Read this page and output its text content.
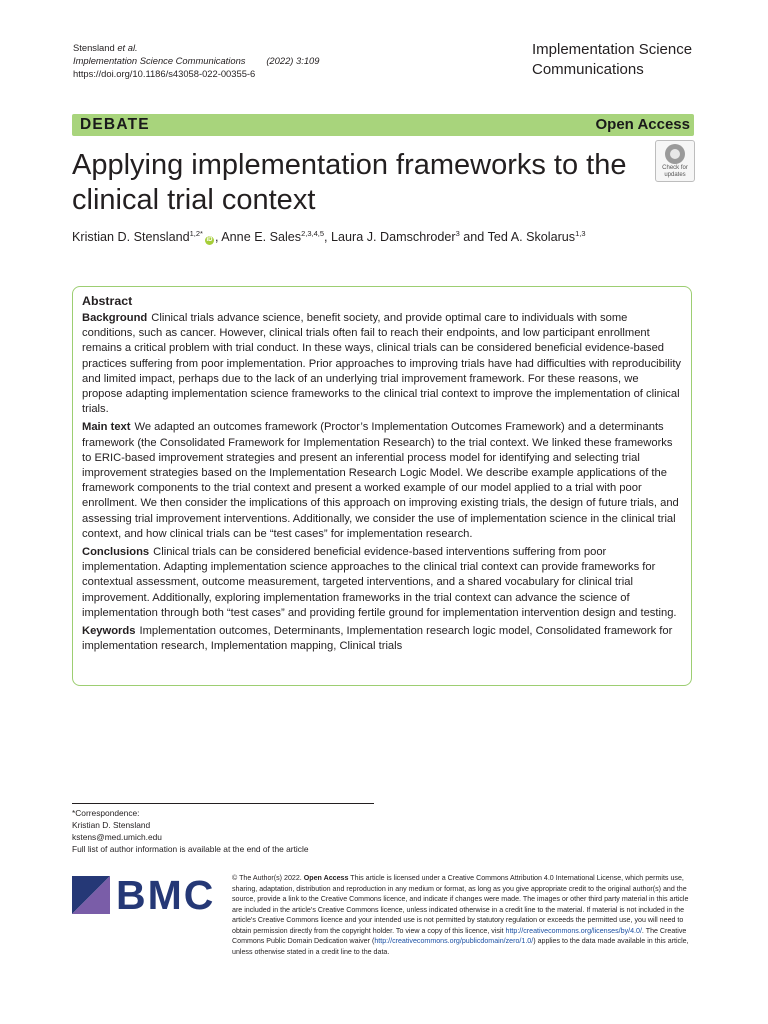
Stensland et al.
Implementation Science Communications        (2022) 3:109
https://doi.org/10.1186/s43058-022-00355-6
Implementation Science
Communications
DEBATE	Open Access
Applying implementation frameworks to the clinical trial context
Check for updates
Kristian D. Stensland$^{1,2*}$iD , Anne E. Sales$^{2,3,4,5}$, Laura J. Damschroder$^3$ and Ted A. Skolarus$^{1,3}$
Abstract

Background Clinical trials advance science, benefit society, and provide optimal care to individuals with some conditions, such as cancer. However, clinical trials often fail to reach their endpoints, and low participant enrollment remains a critical problem with trial conduct. In these ways, clinical trials can be considered beneficial evidence-based practices suffering from poor implementation. Prior approaches to improving trials have had difficulties with reproducibility and limited impact, perhaps due to the lack of an underlying trial improvement framework. For these reasons, we propose adapting implementation science frameworks to the clinical trial context to improve the implementation of clinical trials.

Main text We adapted an outcomes framework (Proctor’s Implementation Outcomes Framework) and a determinants framework (the Consolidated Framework for Implementation Research) to the trial context. We linked these frameworks to ERIC-based improvement strategies and present an inferential process model for identifying and selecting trial improvement strategies based on the Implementation Research Logic Model. We describe example applications of the framework components to the trial context and present a worked example of our model applied to a trial with poor enrollment. We then consider the implications of this approach on improving existing trials, the design of future trials, and assessing trial improvement interventions. Additionally, we consider the use of implementation science in the clinical trial context, and how clinical trials can be “test cases” for implementation research.

Conclusions Clinical trials can be considered beneficial evidence-based interventions suffering from poor implementation. Adapting implementation science approaches to the clinical trial context can provide frameworks for contextual assessment, outcome measurement, targeted interventions, and a shared vocabulary for clinical trial improvement. Additionally, exploring implementation frameworks in the trial context can advance the science of implementation through both “test cases” and providing fertile ground for implementation intervention design and testing.

Keywords Implementation outcomes, Determinants, Implementation research logic model, Consolidated framework for implementation research, Implementation mapping, Clinical trials

*Correspondence:
Kristian D. Stensland
kstens@med.umich.edu
Full list of author information is available at the end of the article
BMC © The Author(s) 2022. Open Access This article is licensed under a Creative Commons Attribution 4.0 International License, which permits use, sharing, adaptation, distribution and reproduction in any medium or format, as long as you give appropriate credit to the original author(s) and the source, provide a link to the Creative Commons licence, and indicate if changes were made. The images or other third party material in this article are included in the article’s Creative Commons licence, unless indicated otherwise in a credit line to the material. If material is not included in the article’s Creative Commons licence and your intended use is not permitted by statutory regulation or exceeds the permitted use, you will need to obtain permission directly from the copyright holder. To view a copy of this licence, visit http://creativecommons.org/licenses/by/4.0/. The Creative Commons Public Domain Dedication waiver (http://creativecommons.org/publicdomain/zero/1.0/) applies to the data made available in this article, unless otherwise stated in a credit line to the data.
